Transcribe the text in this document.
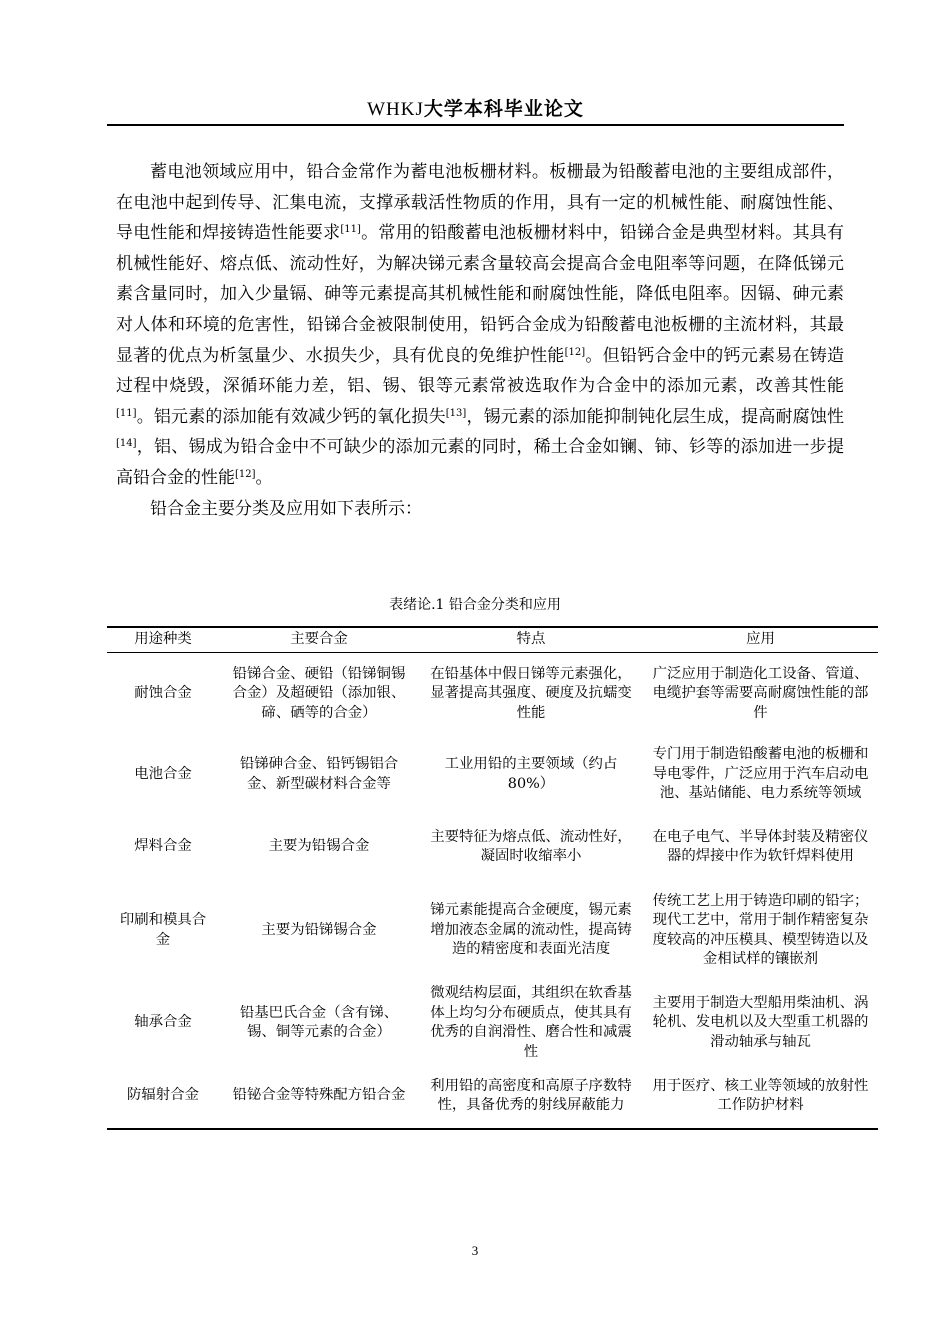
WHKJ大学本科毕业论文

蓄电池领域应用中，铅合金常作为蓄电池板栅材料。板栅最为铅酸蓄电池的主要组成部件，在电池中起到传导、汇集电流，支撑承载活性物质的作用，具有一定的机械性能、耐腐蚀性能、导电性能和焊接铸造性能要求[11]。常用的铅酸蓄电池板栅材料中，铅锑合金是典型材料。其具有机械性能好、熔点低、流动性好，为解决锑元素含量较高会提高合金电阻率等问题，在降低锑元素含量同时，加入少量镉、砷等元素提高其机械性能和耐腐蚀性能，降低电阻率。因镉、砷元素对人体和环境的危害性，铅锑合金被限制使用，铅钙合金成为铅酸蓄电池板栅的主流材料，其最显著的优点为析氢量少、水损失少，具有优良的免维护性能[12]。但铅钙合金中的钙元素易在铸造过程中烧毁，深循环能力差，铝、锡、银等元素常被选取作为合金中的添加元素，改善其性能[11]。铝元素的添加能有效减少钙的氧化损失[13]，锡元素的添加能抑制钝化层生成，提高耐腐蚀性[14]，铝、锡成为铅合金中不可缺少的添加元素的同时，稀土合金如镧、铈、钐等的添加进一步提高铅合金的性能[12]。

铅合金主要分类及应用如下表所示：

表绪论.1 铅合金分类和应用
用途种类	主要合金	特点	应用
耐蚀合金	铅锑合金、硬铅（铅锑铜锡合金）及超硬铅（添加银、碲、硒等的合金）	在铅基体中假日锑等元素强化，显著提高其强度、硬度及抗蠕变性能	广泛应用于制造化工设备、管道、电缆护套等需要高耐腐蚀性能的部件
电池合金	铅锑砷合金、铅钙锡铝合金、新型碳材料合金等	工业用铅的主要领域（约占80%）	专门用于制造铅酸蓄电池的板栅和导电零件，广泛应用于汽车启动电池、基站储能、电力系统等领域
焊料合金	主要为铅锡合金	主要特征为熔点低、流动性好，凝固时收缩率小	在电子电气、半导体封装及精密仪器的焊接中作为软钎焊料使用
印刷和模具合金	主要为铅锑锡合金	锑元素能提高合金硬度，锡元素增加液态金属的流动性，提高铸造的精密度和表面光洁度	传统工艺上用于铸造印刷的铅字；现代工艺中，常用于制作精密复杂度较高的冲压模具、模型铸造以及金相试样的镶嵌剂
轴承合金	铅基巴氏合金（含有锑、锡、铜等元素的合金）	微观结构层面，其组织在软香基体上均匀分布硬质点，使其具有优秀的自润滑性、磨合性和减震性	主要用于制造大型船用柴油机、涡轮机、发电机以及大型重工机器的滑动轴承与轴瓦
防辐射合金	铅铋合金等特殊配方铅合金	利用铅的高密度和高原子序数特性，具备优秀的射线屏蔽能力	用于医疗、核工业等领域的放射性工作防护材料
3
